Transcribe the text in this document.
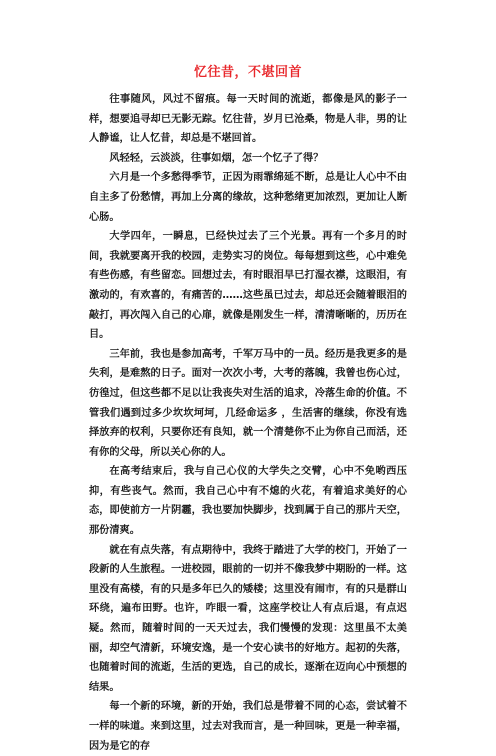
忆往昔，不堪回首

往事随风，风过不留痕。每一天时间的流逝，都像是风的影子一样，想要追寻却已无影无踪。忆往昔，岁月已沧桑，物是人非，男的让人静谧，让人忆昔，却总是不堪回首。

风轻轻，云淡淡，往事如烟，怎一个忆子了得？

六月是一个多愁得季节，正因为雨霏绵延不断，总是让人心中不由自主多了份愁情，再加上分离的缘故，这种愁绪更加浓烈，更加让人断心肠。

大学四年，一瞬息，已经快过去了三个光景。再有一个多月的时间，我就要离开我的校园，走势实习的岗位。每每想到这些，心中难免有些伤感，有些留恋。回想过去，有时眼泪早已打湿衣襟，这眼泪，有激动的，有欢喜的，有痛苦的……这些虽已过去，却总还会随着眼泪的敲打，再次闯入自己的心扉，就像是刚发生一样，清清晰晰的，历历在目。

三年前，我也是参加高考，千军万马中的一员。经历是我更多的是失利，是难熬的日子。面对一次次小考，大考的落魄，我曾也伤心过，彷徨过，但这些都不足以让我丧失对生活的追求，冷落生命的价值。不管我们遇到过多少坎坎坷坷，几经命运多 ，生活害的继续，你没有选择放弃的权利，只要你还有良知，就一个清楚你不止为你自己而活，还有你的父母，所以关心你的人。

在高考结束后，我与自己心仪的大学失之交臂，心中不免哟西压抑，有些丧气。然而，我自己心中有不熄的火花，有着追求美好的心态，即使前方一片阴霾，我也要加快脚步，找到属于自己的那片天空，那份清爽。

就在有点失落，有点期待中，我终于踏进了大学的校门，开始了一段新的人生旅程。一进校园，眼前的一切并不像我梦中期盼的一样。这里没有高楼，有的只是多年已久的矮楼；这里没有闹市，有的只是群山环绕，遍布田野。也许，咋眼一看，这座学校让人有点后退，有点迟疑。然而，随着时间的一天天过去，我们慢慢的发现：这里虽不太美丽，却空气清新，环境安逸，是一个安心读书的好地方。起初的失落，也随着时间的流逝，生活的更选，自己的成长，逐渐在迈向心中预想的结果。

每一个新的环境，新的开始，我们总是带着不同的心态，尝试着不一样的味道。来到这里，过去对我而言，是一种回味，更是一种幸福，因为是它的存
